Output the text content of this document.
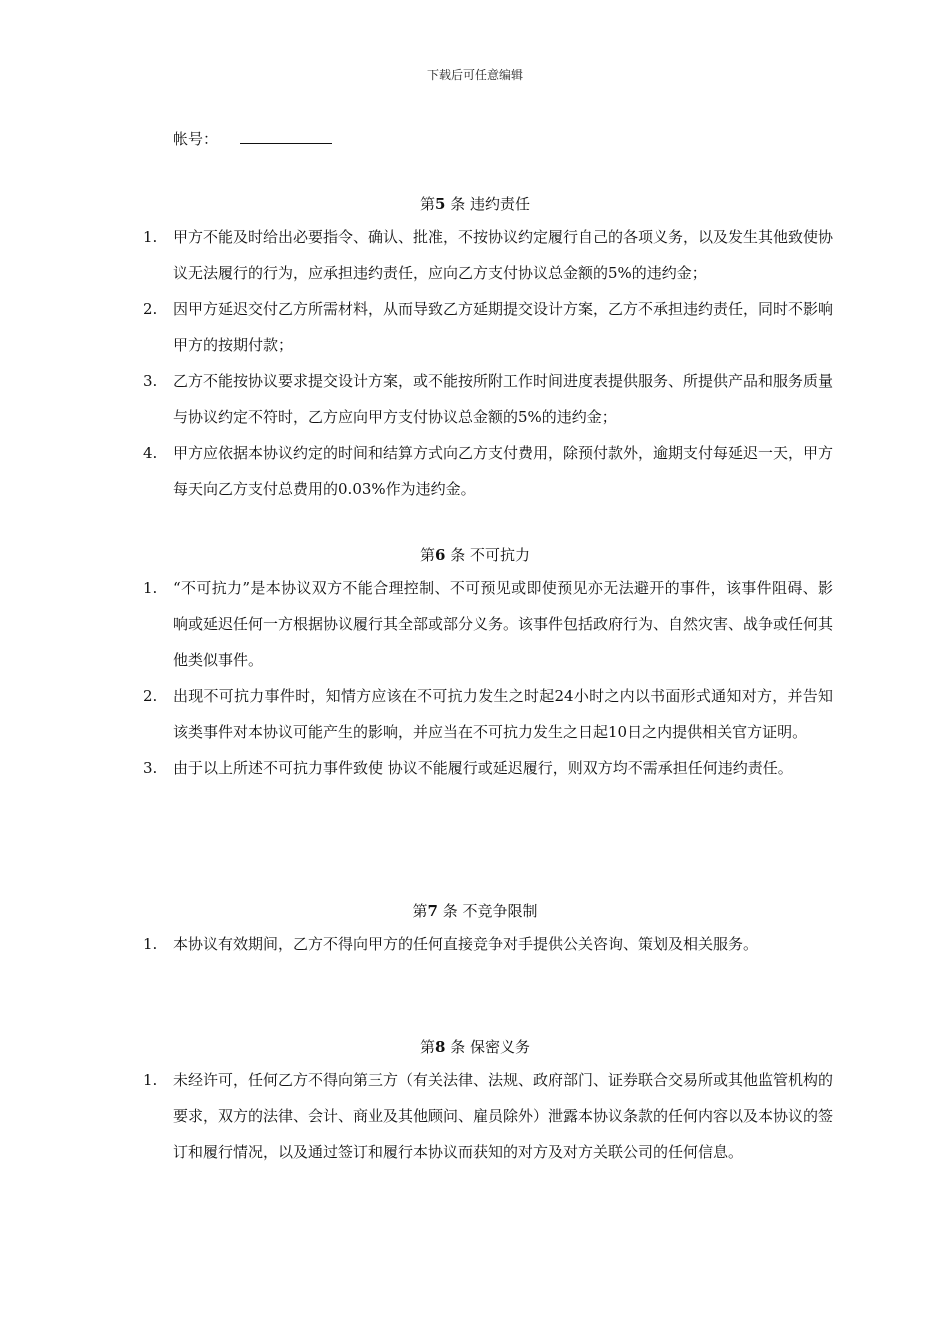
下载后可任意编辑
帐号：
第5 条 违约责任
1. 甲方不能及时给出必要指令、确认、批准，不按协议约定履行自己的各项义务，以及发生其他致使协议无法履行的行为，应承担违约责任，应向乙方支付协议总金额的5%的违约金；
2. 因甲方延迟交付乙方所需材料，从而导致乙方延期提交设计方案，乙方不承担违约责任，同时不影响甲方的按期付款；
3. 乙方不能按协议要求提交设计方案，或不能按所附工作时间进度表提供服务、所提供产品和服务质量与协议约定不符时，乙方应向甲方支付协议总金额的5%的违约金；
4. 甲方应依据本协议约定的时间和结算方式向乙方支付费用，除预付款外，逾期支付每延迟一天，甲方每天向乙方支付总费用的0.03%作为违约金。
第6 条 不可抗力
1. “不可抗力”是本协议双方不能合理控制、不可预见或即使预见亦无法避开的事件，该事件阻碍、影响或延迟任何一方根据协议履行其全部或部分义务。该事件包括政府行为、自然灾害、战争或任何其他类似事件。
2. 出现不可抗力事件时，知情方应该在不可抗力发生之时起24小时之内以书面形式通知对方，并告知该类事件对本协议可能产生的影响，并应当在不可抗力发生之日起10日之内提供相关官方证明。
3. 由于以上所述不可抗力事件致使 协议不能履行或延迟履行，则双方均不需承担任何违约责任。
第7 条 不竞争限制
1. 本协议有效期间，乙方不得向甲方的任何直接竞争对手提供公关咨询、策划及相关服务。
第8 条 保密义务
1. 未经许可，任何乙方不得向第三方（有关法律、法规、政府部门、证券联合交易所或其他监管机构的要求，双方的法律、会计、商业及其他顾问、雇员除外）泄露本协议条款的任何内容以及本协议的签订和履行情况，以及通过签订和履行本协议而获知的对方及对方关联公司的任何信息。
